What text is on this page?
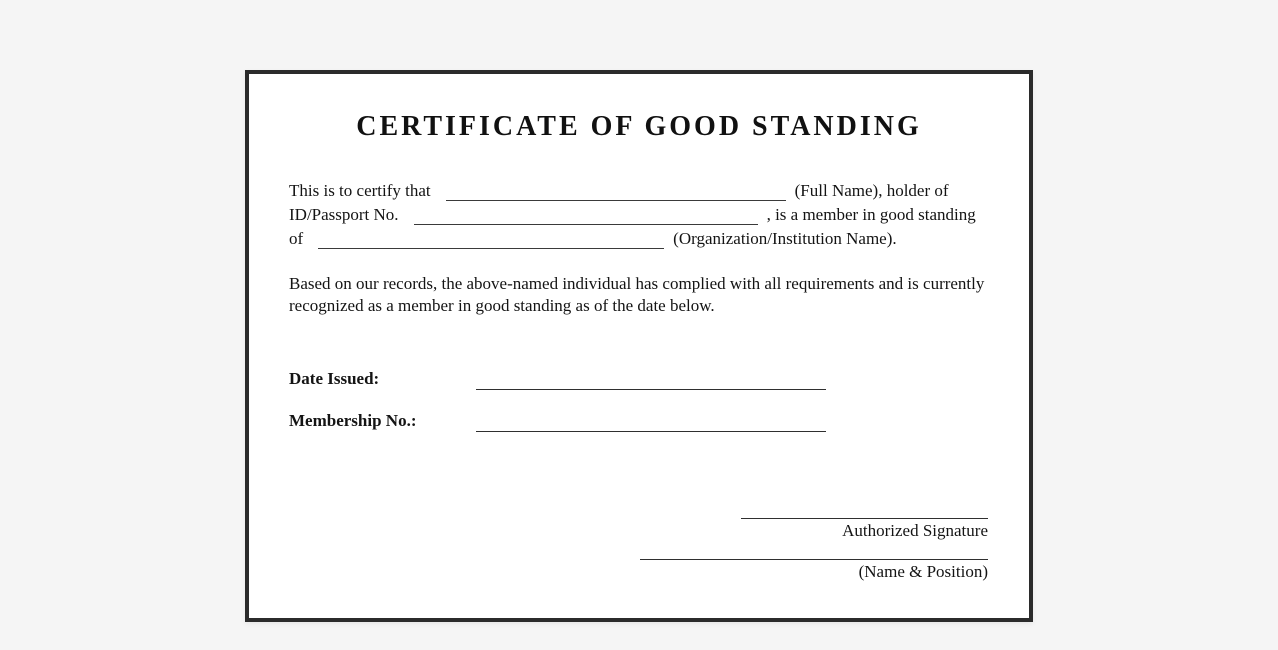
CERTIFICATE OF GOOD STANDING
This is to certify that	(Full Name), holder of
ID/Passport No.	, is a member in good standing
of	(Organization/Institution Name).

Based on our records, the above-named individual has complied with all requirements and is currently recognized as a member in good standing as of the date below.

Date Issued:
Membership No.:
Authorized Signature
(Name & Position)
